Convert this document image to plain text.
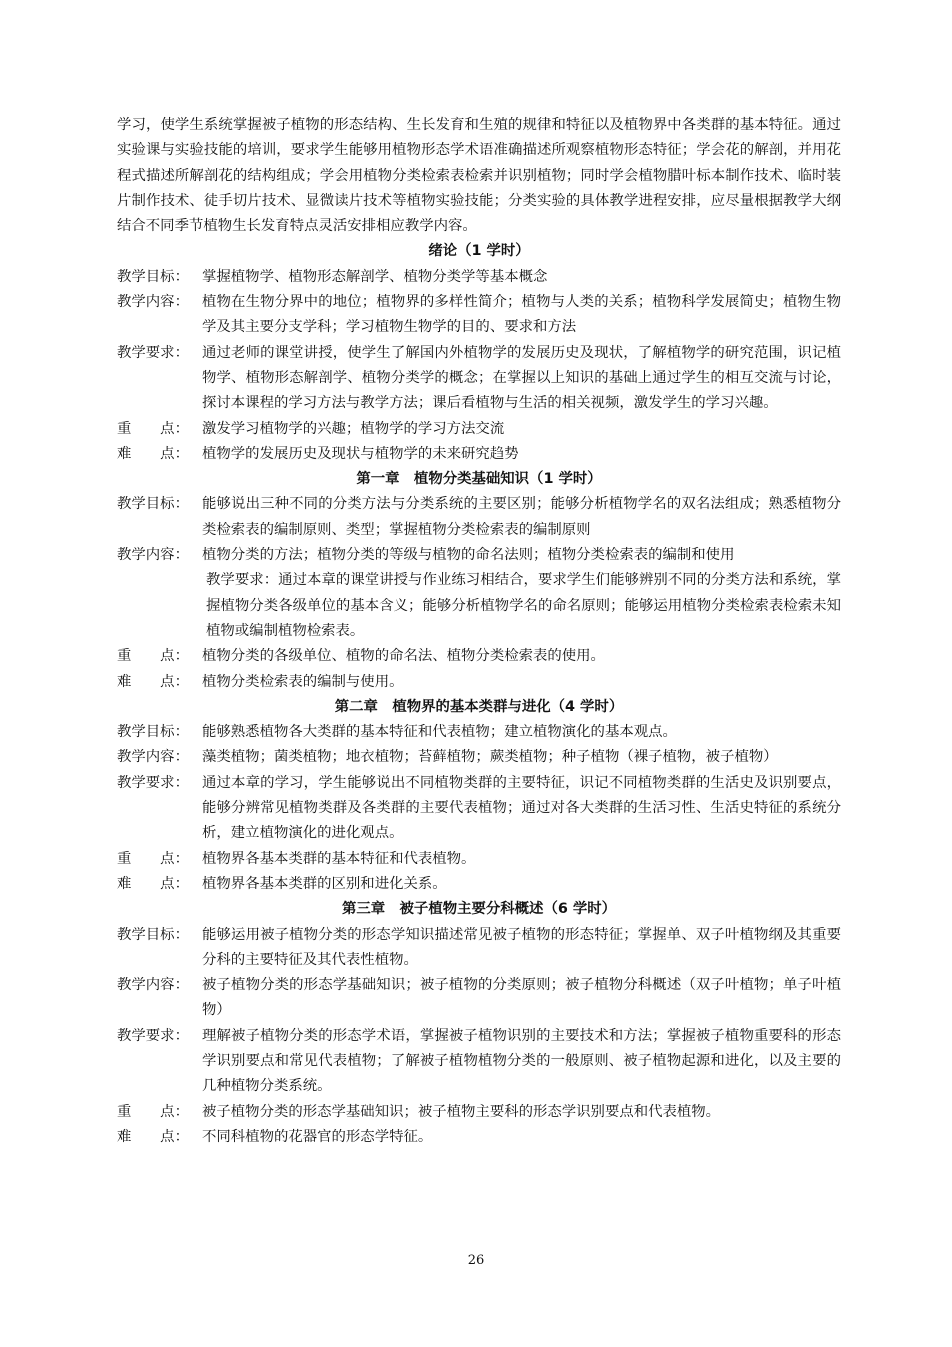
学习，使学生系统掌握被子植物的形态结构、生长发育和生殖的规律和特征以及植物界中各类群的基本特征。通过实验课与实验技能的培训，要求学生能够用植物形态学术语准确描述所观察植物形态特征；学会花的解剖，并用花程式描述所解剖花的结构组成；学会用植物分类检索表检索并识别植物；同时学会植物腊叶标本制作技术、临时装片制作技术、徒手切片技术、显微读片技术等植物实验技能；分类实验的具体教学进程安排，应尽量根据教学大纲结合不同季节植物生长发育特点灵活安排相应教学内容。

绪论（1 学时）

教学目标： 掌握植物学、植物形态解剖学、植物分类学等基本概念
教学内容： 植物在生物分界中的地位；植物界的多样性简介；植物与人类的关系；植物科学发展简史；植物生物学及其主要分支学科；学习植物生物学的目的、要求和方法
教学要求： 通过老师的课堂讲授，使学生了解国内外植物学的发展历史及现状，了解植物学的研究范围，识记植物学、植物形态解剖学、植物分类学的概念；在掌握以上知识的基础上通过学生的相互交流与讨论，探讨本课程的学习方法与教学方法；课后看植物与生活的相关视频，激发学生的学习兴趣。
重　　点： 激发学习植物学的兴趣；植物学的学习方法交流
难　　点： 植物学的发展历史及现状与植物学的未来研究趋势

第一章　植物分类基础知识（1 学时）

教学目标： 能够说出三种不同的分类方法与分类系统的主要区别；能够分析植物学名的双名法组成；熟悉植物分类检索表的编制原则、类型；掌握植物分类检索表的编制原则
教学内容： 植物分类的方法；植物分类的等级与植物的命名法则；植物分类检索表的编制和使用
教学要求：通过本章的课堂讲授与作业练习相结合，要求学生们能够辨别不同的分类方法和系统，掌握植物分类各级单位的基本含义；能够分析植物学名的命名原则；能够运用植物分类检索表检索未知植物或编制植物检索表。
重　　点： 植物分类的各级单位、植物的命名法、植物分类检索表的使用。
难　　点： 植物分类检索表的编制与使用。

第二章　植物界的基本类群与进化（4 学时）

教学目标： 能够熟悉植物各大类群的基本特征和代表植物；建立植物演化的基本观点。
教学内容： 藻类植物；菌类植物；地衣植物；苔藓植物；蕨类植物；种子植物（裸子植物，被子植物）
教学要求： 通过本章的学习，学生能够说出不同植物类群的主要特征，识记不同植物类群的生活史及识别要点，能够分辨常见植物类群及各类群的主要代表植物；通过对各大类群的生活习性、生活史特征的系统分析，建立植物演化的进化观点。
重　　点： 植物界各基本类群的基本特征和代表植物。
难　　点： 植物界各基本类群的区别和进化关系。

第三章　被子植物主要分科概述（6 学时）

教学目标： 能够运用被子植物分类的形态学知识描述常见被子植物的形态特征；掌握单、双子叶植物纲及其重要分科的主要特征及其代表性植物。
教学内容： 被子植物分类的形态学基础知识；被子植物的分类原则；被子植物分科概述（双子叶植物；单子叶植物）
教学要求： 理解被子植物分类的形态学术语，掌握被子植物识别的主要技术和方法；掌握被子植物重要科的形态学识别要点和常见代表植物；了解被子植物植物分类的一般原则、被子植物起源和进化，以及主要的几种植物分类系统。
重　　点： 被子植物分类的形态学基础知识；被子植物主要科的形态学识别要点和代表植物。
难　　点： 不同科植物的花器官的形态学特征。
26
